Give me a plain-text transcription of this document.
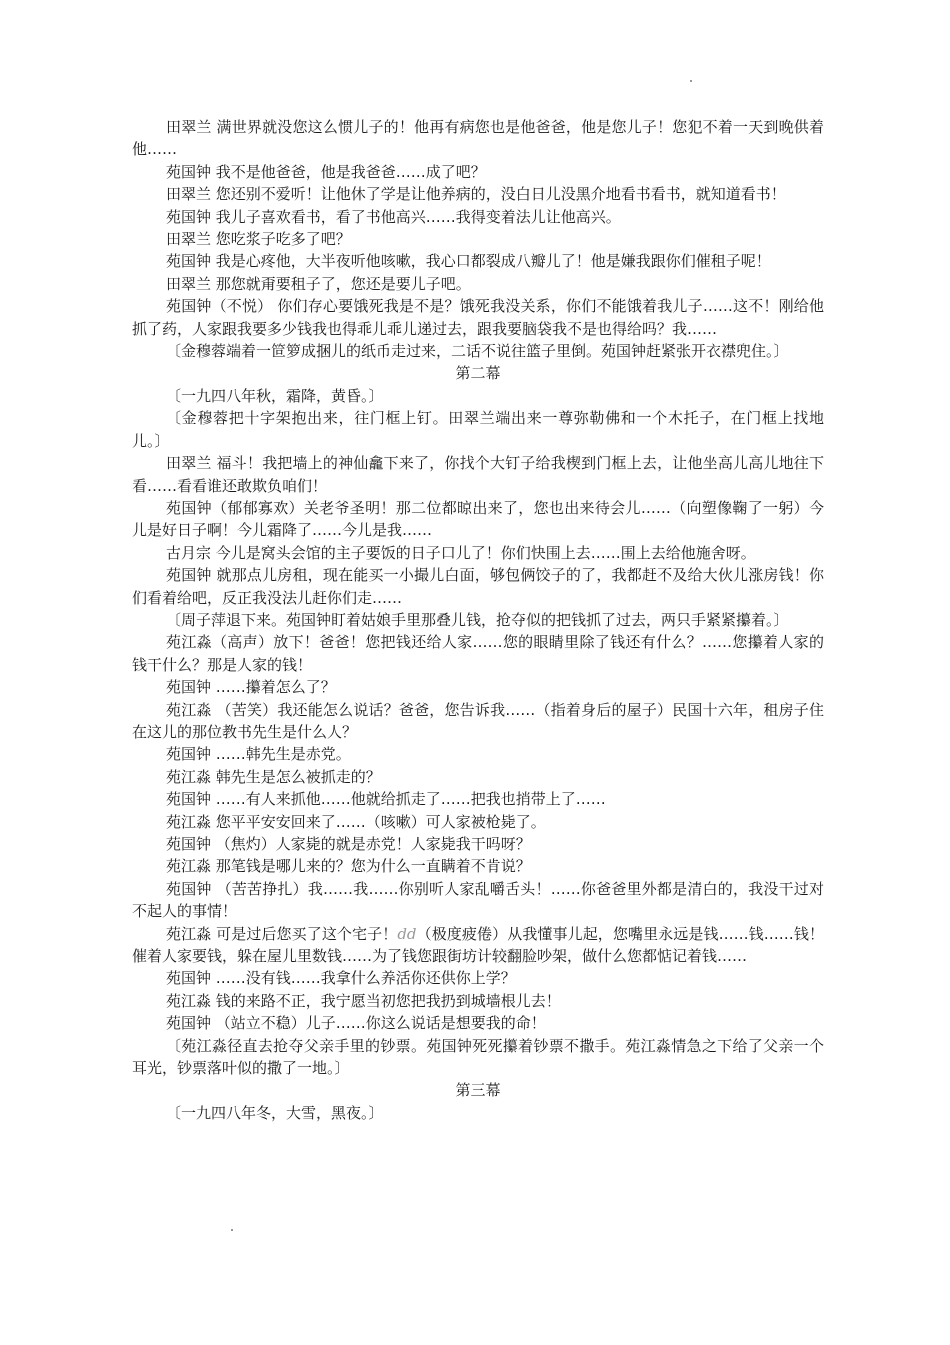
田翠兰 满世界就没您这么惯儿子的！他再有病您也是他爸爸，他是您儿子！您犯不着一天到晚供着他……

苑国钟 我不是他爸爸，他是我爸爸……成了吧？

田翠兰 您还别不爱听！让他休了学是让他养病的，没白日儿没黑介地看书看书，就知道看书！

苑国钟 我儿子喜欢看书，看了书他高兴……我得变着法儿让他高兴。

田翠兰 您吃浆子吃多了吧？

苑国钟 我是心疼他，大半夜听他咳嗽，我心口都裂成八瓣儿了！他是嫌我跟你们催租子呢！

田翠兰 那您就甭要租子了，您还是要儿子吧。

苑国钟（不悦） 你们存心要饿死我是不是？饿死我没关系，你们不能饿着我儿子……这不！刚给他抓了药，人家跟我要多少钱我也得乖儿乖儿递过去，跟我要脑袋我不是也得给吗？我……

〔金穆蓉端着一笸箩成捆儿的纸币走过来，二话不说往篮子里倒。苑国钟赶紧张开衣襟兜住。〕

第二幕

〔一九四八年秋，霜降，黄昏。〕

〔金穆蓉把十字架抱出来，往门框上钉。田翠兰端出来一尊弥勒佛和一个木托子，在门框上找地儿。〕

田翠兰 福斗！我把墙上的神仙龕下来了，你找个大钉子给我楔到门框上去，让他坐高儿高儿地往下看……看看谁还敢欺负咱们！

苑国钟（郁郁寡欢）关老爷圣明！那二位都晾出来了，您也出来待会儿……（向塑像鞠了一躬）今儿是好日子啊！今儿霜降了……今儿是我……

古月宗 今儿是窝头会馆的主子要饭的日子口儿了！你们快围上去……围上去给他施舍呀。

苑国钟 就那点儿房租，现在能买一小撮儿白面，够包俩饺子的了，我都赶不及给大伙儿涨房钱！你们看着给吧，反正我没法儿赶你们走……

〔周子萍退下来。苑国钟盯着姑娘手里那叠儿钱，抢夺似的把钱抓了过去，两只手紧紧攥着。〕

苑江淼（高声）放下！爸爸！您把钱还给人家……您的眼睛里除了钱还有什么？……您攥着人家的钱干什么？那是人家的钱！

苑国钟 ……攥着怎么了？

苑江淼 （苦笑）我还能怎么说话？爸爸，您告诉我……（指着身后的屋子）民国十六年，租房子住在这儿的那位教书先生是什么人？

苑国钟 ……韩先生是赤党。

苑江淼 韩先生是怎么被抓走的？

苑国钟 ……有人来抓他……他就给抓走了……把我也捎带上了……

苑江淼 您平平安安回来了……（咳嗽）可人家被枪毙了。

苑国钟 （焦灼）人家毙的就是赤党！人家毙我干吗呀？

苑江淼 那笔钱是哪儿来的？您为什么一直瞒着不肯说？

苑国钟 （苦苦挣扎）我……我……你别听人家乱嚼舌头！……你爸爸里外都是清白的，我没干过对不起人的事情！

苑江淼 可是过后您买了这个宅子！dd（极度疲倦）从我懂事儿起，您嘴里永远是钱……钱……钱！催着人家要钱，躲在屋儿里数钱……为了钱您跟街坊计较翻脸吵架，做什么您都惦记着钱……

苑国钟 ……没有钱……我拿什么养活你还供你上学？

苑江淼 钱的来路不正，我宁愿当初您把我扔到城墙根儿去！

苑国钟 （站立不稳）儿子……你这么说话是想要我的命！

〔苑江淼径直去抢夺父亲手里的钞票。苑国钟死死攥着钞票不撒手。苑江淼情急之下给了父亲一个耳光，钞票落叶似的撒了一地。〕

第三幕

〔一九四八年冬，大雪，黑夜。〕
